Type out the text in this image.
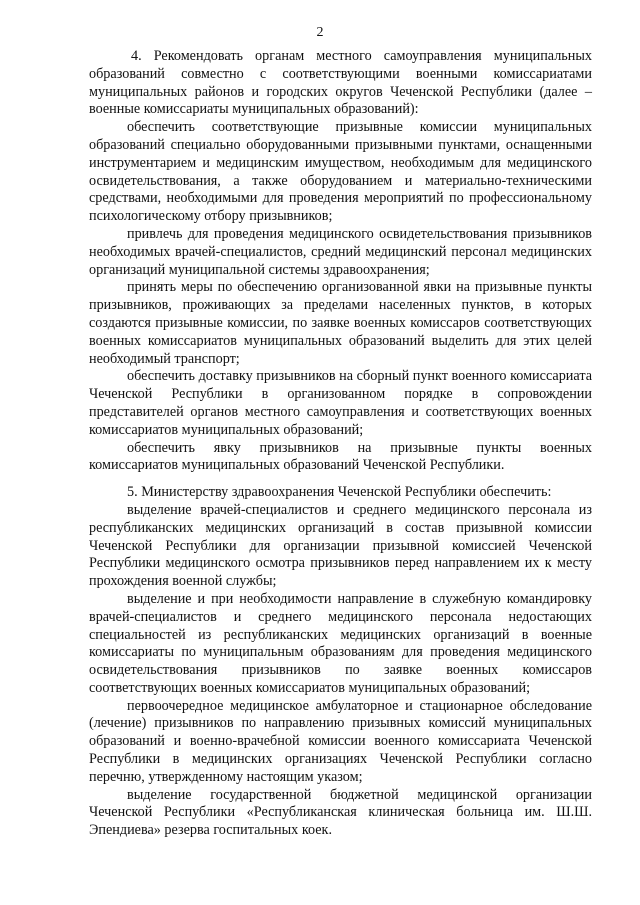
2

4. Рекомендовать органам местного самоуправления муниципальных образований совместно с соответствующими военными комиссариатами муниципальных районов и городских округов Чеченской Республики (далее – военные комиссариаты муниципальных образований):

обеспечить соответствующие призывные комиссии муниципальных образований специально оборудованными призывными пунктами, оснащенными инструментарием и медицинским имуществом, необходимым для медицинского освидетельствования, а также оборудованием и материально-техническими средствами, необходимыми для проведения мероприятий по профессиональному психологическому отбору призывников;

привлечь для проведения медицинского освидетельствования призывников необходимых врачей-специалистов, средний медицинский персонал медицинских организаций муниципальной системы здравоохранения;

принять меры по обеспечению организованной явки на призывные пункты призывников, проживающих за пределами населенных пунктов, в которых создаются призывные комиссии, по заявке военных комиссаров соответствующих военных комиссариатов муниципальных образований выделить для этих целей необходимый транспорт;

обеспечить доставку призывников на сборный пункт военного комиссариата Чеченской Республики в организованном порядке в сопровождении представителей органов местного самоуправления и соответствующих военных комиссариатов муниципальных образований;

обеспечить явку призывников на призывные пункты военных комиссариатов муниципальных образований Чеченской Республики.

5. Министерству здравоохранения Чеченской Республики обеспечить:

выделение врачей-специалистов и среднего медицинского персонала из республиканских медицинских организаций в состав призывной комиссии Чеченской Республики для организации призывной комиссией Чеченской Республики медицинского осмотра призывников перед направлением их к месту прохождения военной службы;

выделение и при необходимости направление в служебную командировку врачей-специалистов и среднего медицинского персонала недостающих специальностей из республиканских медицинских организаций в военные комиссариаты по муниципальным образованиям для проведения медицинского освидетельствования призывников по заявке военных комиссаров соответствующих военных комиссариатов муниципальных образований;

первоочередное медицинское амбулаторное и стационарное обследование (лечение) призывников по направлению призывных комиссий муниципальных образований и военно-врачебной комиссии военного комиссариата Чеченской Республики в медицинских организациях Чеченской Республики согласно перечню, утвержденному настоящим указом;

выделение государственной бюджетной медицинской организации Чеченской Республики «Республиканская клиническая больница им. Ш.Ш. Эпендиева» резерва госпитальных коек.
